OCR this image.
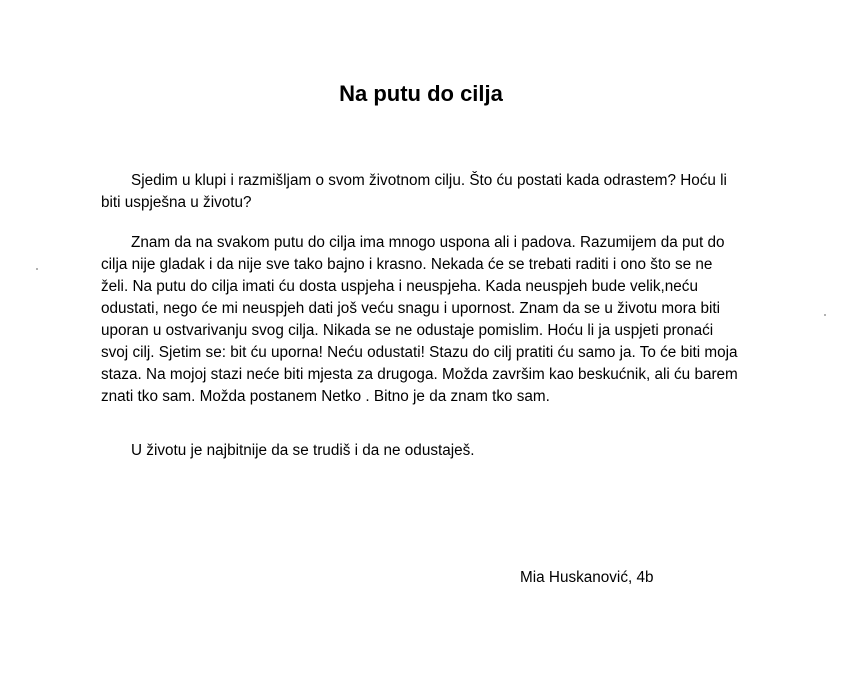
Na putu do cilja

Sjedim u klupi i razmišljam o svom životnom cilju. Što ću postati kada odrastem? Hoću li biti uspješna u životu?

Znam da na svakom putu do cilja ima mnogo uspona ali i padova. Razumijem da put do cilja nije gladak i da nije sve tako bajno i krasno. Nekada će se trebati raditi i ono što se ne želi. Na putu do cilja imati ću dosta uspjeha i neuspjeha. Kada neuspjeh bude velik,neću odustati, nego će mi neuspjeh dati još veću snagu i upornost. Znam da se u životu mora biti uporan u ostvarivanju svog cilja. Nikada se ne odustaje pomislim. Hoću li ja uspjeti pronaći svoj cilj. Sjetim se: bit ću uporna! Neću odustati! Stazu do cilj pratiti ću samo ja. To će biti moja staza. Na mojoj stazi neće biti mjesta za drugoga. Možda završim kao beskućnik, ali ću barem znati tko sam. Možda postanem Netko . Bitno je da znam tko sam.

U životu je najbitnije da se trudiš i da ne odustaješ.

Mia Huskanović, 4b
